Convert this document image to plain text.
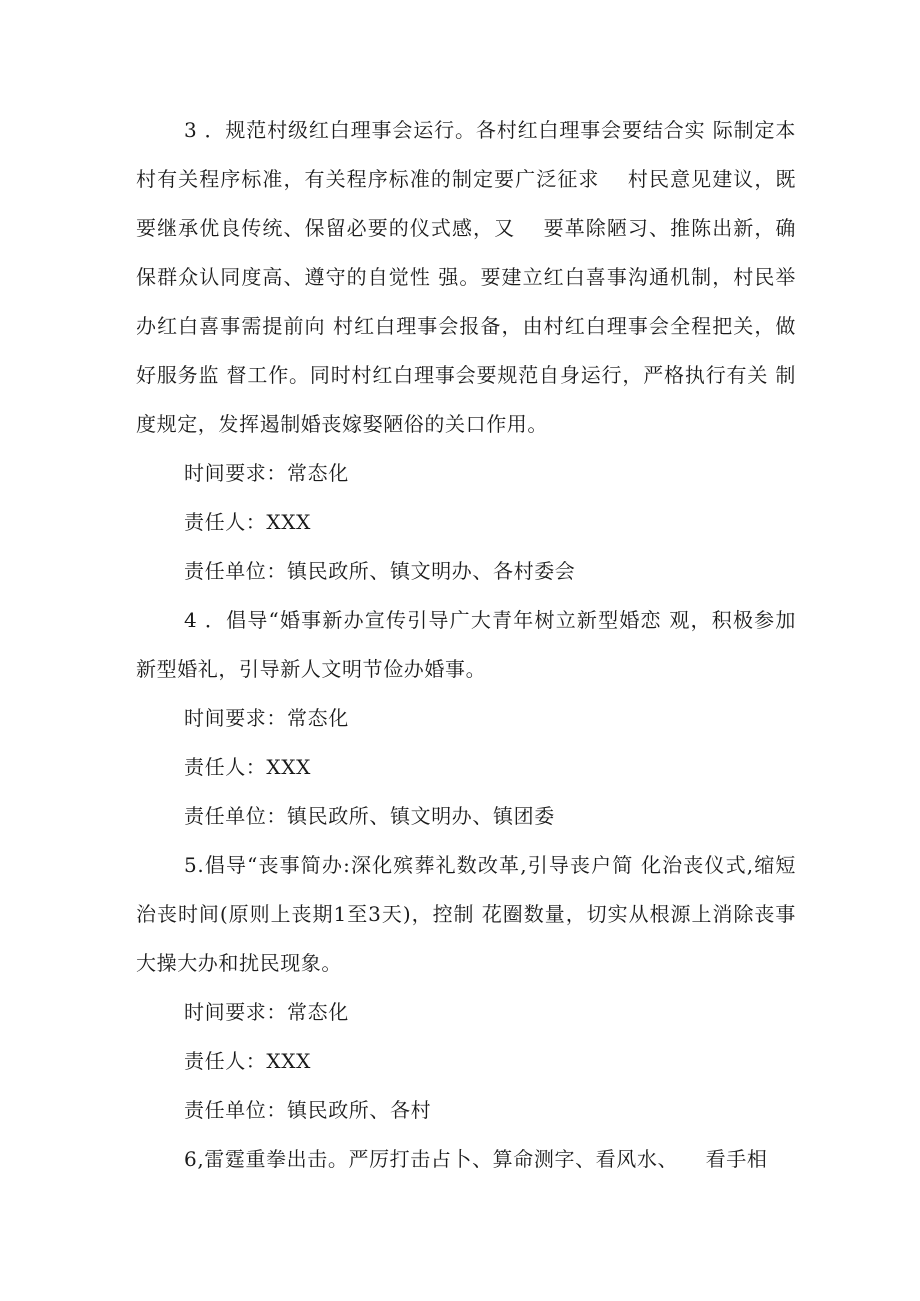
3 ．规范村级红白理事会运行。各村红白理事会要结合实 际制定本村有关程序标准，有关程序标准的制定要广泛征求 　村民意见建议，既要继承优良传统、保留必要的仪式感，又 　要革除陋习、推陈出新，确保群众认同度高、遵守的自觉性 强。要建立红白喜事沟通机制，村民举办红白喜事需提前向 村红白理事会报备，由村红白理事会全程把关，做好服务监 督工作。同时村红白理事会要规范自身运行，严格执行有关 制度规定，发挥遏制婚丧嫁娶陋俗的关口作用。

时间要求：常态化

责任人：XXX

责任单位：镇民政所、镇文明办、各村委会

4 ．倡导“婚事新办宣传引导广大青年树立新型婚恋 观，积极参加新型婚礼，引导新人文明节俭办婚事。

时间要求：常态化

责任人：XXX

责任单位：镇民政所、镇文明办、镇团委

5.倡导“丧事简办:深化殡葬礼数改革,引导丧户简 化治丧仪式,缩短治丧时间(原则上丧期1至3天)，控制 花圈数量，切实从根源上消除丧事大操大办和扰民现象。

时间要求：常态化

责任人：XXX

责任单位：镇民政所、各村

6,雷霆重拳出击。严厉打击占卜、算命测字、看风水、 　看手相
